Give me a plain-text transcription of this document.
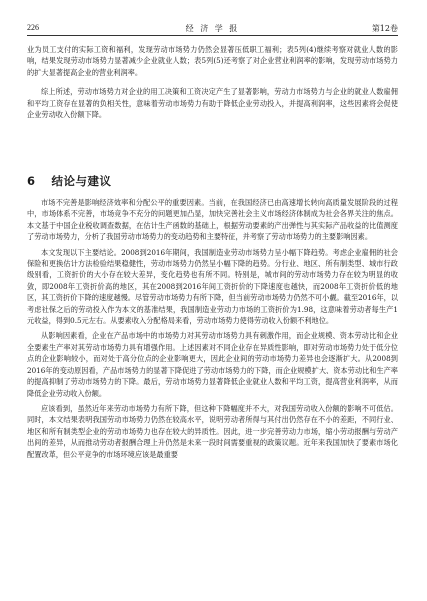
226	经 济 学 报	第12卷

业为员工支付的实际工资和福利，发现劳动市场势力仍然会显著压低职工福利；表5列(4)继续考察对就业人数的影响，结果发现劳动市场势力显著减少企业就业人数；表5列(5)还考察了对企业营业利润率的影响，发现劳动市场势力的扩大显著提高企业的营业利润率。

综上所述，劳动市场势力对企业的用工决策和工资决定产生了显著影响，劳动力市场势力与企业的就业人数雇佣和平均工资存在显著的负相关性，意味着劳动市场势力有助于降低企业劳动投入，并提高利润率，这些因素将会促使企业劳动收入份额下降。

6 结论与建议

市场不完善是影响经济效率和分配公平的重要因素。当前，在我国经济已由高速增长转向高质量发展阶段的过程中，市场体系不完善，市场竞争不充分的问题更加凸显，加快完善社会主义市场经济体制成为社会各界关注的焦点。本文基于中国企业税收调查数据，在估计生产函数的基础上，根据劳动要素的产出弹性与其实际产品收益的比值测度了劳动市场势力，分析了我国劳动市场势力的变动趋势和主要特征，并考察了劳动市场势力的主要影响因素。

本文发现以下主要结论。2008到2016年期间，我国制造业劳动市场势力呈小幅下降趋势。考虑企业雇佣的社会保险和更换估计方法检验结果稳健性，劳动市场势力仍然呈小幅下降的趋势。分行业、地区、所有制类型、城市行政级别看，工资折价的大小存在较大差异，变化趋势也有所不同。特别是，城市间的劳动市场势力存在较为明显的收敛，即2008年工资折价高的地区，其在2008到2016年间工资折价的下降速度也越快，而2008年工资折价低的地区，其工资折价下降的速度越慢。尽管劳动市场势力有所下降，但当前劳动市场势力仍然不可小觑。截至2016年，以考虑社保之后的劳动投入作为本文的基准结果，我国制造业劳动力市场的工资折价为1.98，这意味着劳动者每生产1元收益，得到0.5元左右。从要素收入分配格局来看，劳动市场势力使得劳动收入份额不利地位。

从影响因素看，企业在产品市场中的市场势力对其劳动市场势力具有刺激作用，而企业规模、资本劳动比和企业全要素生产率对其劳动市场势力具有增强作用。上述因素对不同企业存在异质性影响，即对劳动市场势力处于低分位点的企业影响较小，而对处于高分位点的企业影响更大，因此企业间的劳动市场势力差异也会逐渐扩大。从2008到2016年的变动原因看，产品市场势力的显著下降促进了劳动市场势力的下降，而企业规模扩大、资本劳动比和生产率的提高抑制了劳动市场势力的下降。最后，劳动市场势力显著降低企业就业人数和平均工资，提高营业利润率，从而降低企业劳动收入份额。

应该看到，虽然近年来劳动市场势力有所下降，但这种下降幅度并不大，对我国劳动收入份额的影响不可低估。同时，本文结果表明我国劳动市场势力仍然在较高水平，说明劳动者所得与其付出仍然存在不小的差距，不同行业、地区和所有制类型企业的劳动市场势力也存在较大的异质性。因此，进一步完善劳动力市场，缩小劳动报酬与劳动产出间的差异，从而推动劳动者报酬合理上升仍然是未来一段时间需要重视的政策议题。近年来我国加快了要素市场化配置改革，但公平竞争的市场环境应该是最重要
